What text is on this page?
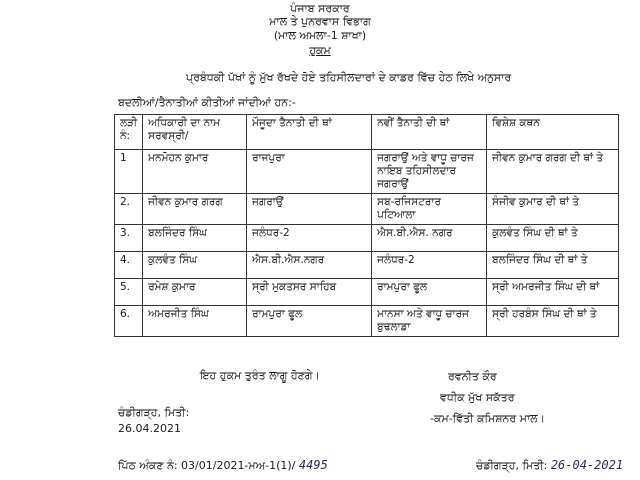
ਪੰਜਾਬ ਸਰਕਾਰ
ਮਾਲ ਤੇ ਪੁਨਰਵਾਸ ਵਿਭਾਗ
(ਮਾਲ ਅਮਲਾ-1 ਸ਼ਾਖਾ)
ਹੁਕਮ
ਪ੍ਰਬੰਧਕੀ ਪੱਖਾਂ ਨੂੰ ਮੁੱਖ ਰੱਖਦੇ ਹੋਏ ਤਹਿਸੀਲਦਾਰਾਂ ਦੇ ਕਾਡਰ ਵਿੱਚ ਹੇਠ ਲਿਖੇ ਅਨੁਸਾਰ
ਬਦਲੀਆਂ/ਤੈਨਾਤੀਆਂ ਕੀਤੀਆਂ ਜਾਂਦੀਆਂ ਹਨ:-
ਲੜੀ ਨੰ:	ਅਧਿਕਾਰੀ ਦਾ ਨਾਮ ਸਰਵਸ੍ਰੀ/	ਮੌਜੂਦਾ ਤੈਨਾਤੀ ਦੀ ਥਾਂ	ਨਵੀਂ ਤੈਨਾਤੀ ਦੀ ਥਾਂ	ਵਿਸ਼ੇਸ਼ ਕਥਨ
1	ਮਨਮੋਹਨ ਕੁਮਾਰ	ਰਾਜਪੁਰਾ	ਜਗਰਾਉਂ ਅਤੇ ਵਾਧੂ ਚਾਰਜ ਨਾਇਬ ਤਹਿਸੀਲਦਾਰ ਜਗਰਾਉਂ	ਜੀਵਨ ਕੁਮਾਰ ਗਰਗ ਦੀ ਥਾਂ ਤੇ
2.	ਜੀਵਨ ਕੁਮਾਰ ਗਰਗ	ਜਗਰਾਉਂ	ਸਬ-ਰਜਿਸਟਰਾਰ ਪਟਿਆਲਾ	ਸੰਜੀਵ ਕੁਮਾਰ ਦੀ ਥਾਂ ਤੇ
3.	ਬਲਜਿੰਦਰ ਸਿੰਘ	ਜਲੰਧਰ-2	ਐਸ.ਬੀ.ਐਸ. ਨਗਰ	ਕੁਲਵੰਤ ਸਿੰਘ ਦੀ ਥਾਂ ਤੇ
4.	ਕੁਲਵੰਤ ਸਿੰਘ	ਐਸ.ਬੀ.ਐਸ.ਨਗਰ	ਜਲੰਧਰ-2	ਬਲਜਿੰਦਰ ਸਿੰਘ ਦੀ ਥਾਂ ਤੇ
5.	ਰਮੇਸ਼ ਕੁਮਾਰ	ਸ੍ਰੀ ਮੁਕਤਸਰ ਸਾਹਿਬ	ਰਾਮਪੁਰਾ ਫੂਲ	ਸ੍ਰੀ ਅਮਰਜੀਤ ਸਿੰਘ ਦੀ ਥਾਂ
6.	ਅਮਰਜੀਤ ਸਿੰਘ	ਰਾਮਪੁਰਾ ਫੂਲ	ਮਾਨਸਾ ਅਤੇ ਵਾਧੂ ਚਾਰਜ ਬੁਢਲਾਡਾ	ਸ੍ਰੀ ਹਰਬੰਸ ਸਿੰਘ ਦੀ ਥਾਂ ਤੇ
ਇਹ ਹੁਕਮ ਤੁਰੰਤ ਲਾਗੂ ਹੋਣਗੇ।	ਰਵਨੀਤ ਕੌਰ
ਵਧੀਕ ਮੁੱਖ ਸਕੱਤਰ
-ਕਮ-ਵਿੱਤੀ ਕਮਿਸ਼ਨਰ ਮਾਲ।
ਚੰਡੀਗੜ੍ਹ, ਮਿਤੀ:
26.04.2021
ਪਿੱਠ ਅੰਕਣ ਨੰ: 03/01/2021-ਮਅ-1(1)/ 4495	ਚੰਡੀਗੜ੍ਹ, ਮਿਤੀ: 26-04-2021
